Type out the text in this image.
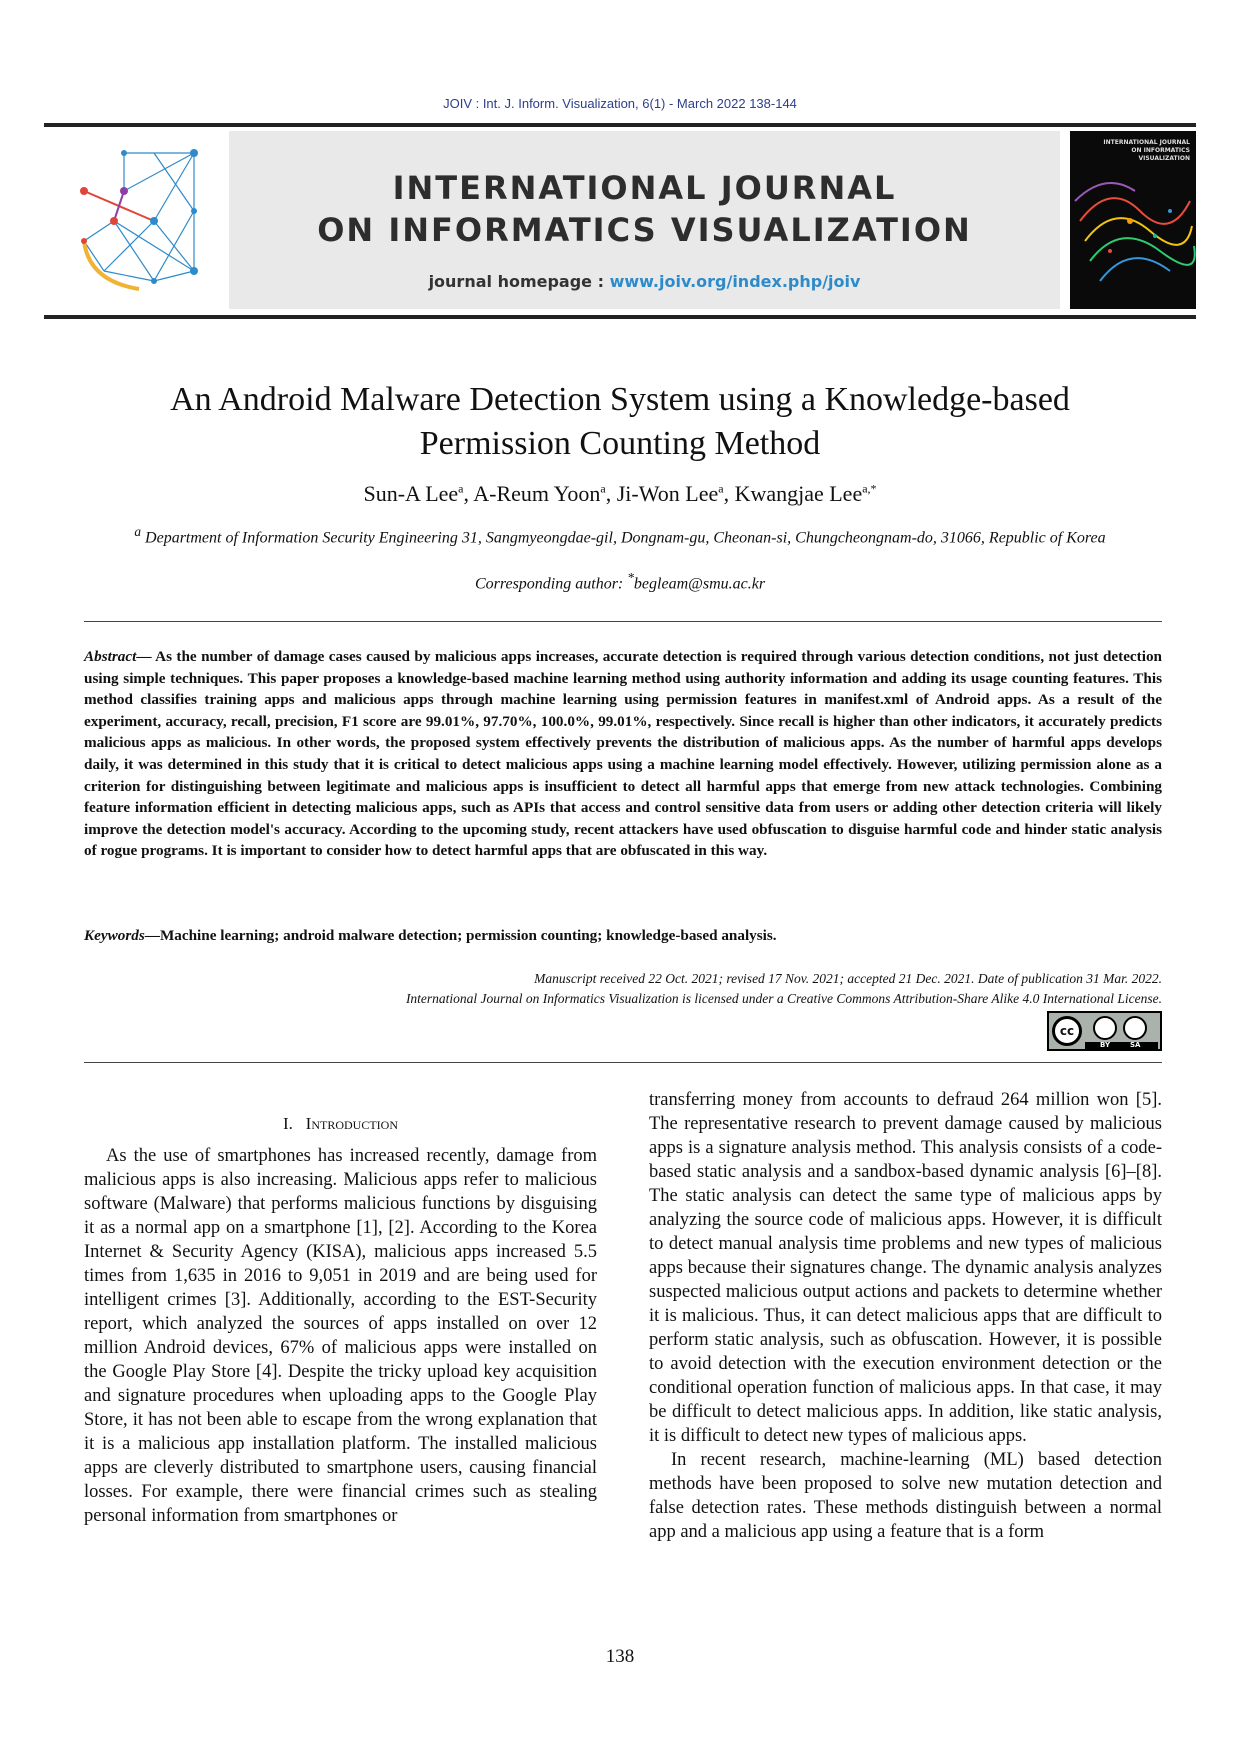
JOIV : Int. J. Inform. Visualization, 6(1) - March 2022 138-144
INTERNATIONAL JOURNAL
ON INFORMATICS VISUALIZATION
journal homepage : www.joiv.org/index.php/joiv
INTERNATIONAL JOURNAL ON INFORMATICS VISUALIZATION
An Android Malware Detection System using a Knowledge-based
Permission Counting Method
Sun-A Lee$^a$, A-Reum Yoon$^a$, Ji-Won Lee$^a$, Kwangjae Lee$^{a,*}$
$^a$ Department of Information Security Engineering 31, Sangmyeongdae-gil, Dongnam-gu, Cheonan-si, Chungcheongnam-do, 31066, Republic of Korea
Corresponding author: *begleam@smu.ac.kr
Abstract— As the number of damage cases caused by malicious apps increases, accurate detection is required through various detection conditions, not just detection using simple techniques. This paper proposes a knowledge-based machine learning method using authority information and adding its usage counting features. This method classifies training apps and malicious apps through machine learning using permission features in manifest.xml of Android apps. As a result of the experiment, accuracy, recall, precision, F1 score are 99.01%, 97.70%, 100.0%, 99.01%, respectively. Since recall is higher than other indicators, it accurately predicts malicious apps as malicious. In other words, the proposed system effectively prevents the distribution of malicious apps. As the number of harmful apps develops daily, it was determined in this study that it is critical to detect malicious apps using a machine learning model effectively. However, utilizing permission alone as a criterion for distinguishing between legitimate and malicious apps is insufficient to detect all harmful apps that emerge from new attack technologies. Combining feature information efficient in detecting malicious apps, such as APIs that access and control sensitive data from users or adding other detection criteria will likely improve the detection model's accuracy. According to the upcoming study, recent attackers have used obfuscation to disguise harmful code and hinder static analysis of rogue programs. It is important to consider how to detect harmful apps that are obfuscated in this way.
Keywords—Machine learning; android malware detection; permission counting; knowledge-based analysis.
Manuscript received 22 Oct. 2021; revised 17 Nov. 2021; accepted 21 Dec. 2021. Date of publication 31 Mar. 2022.
International Journal on Informatics Visualization is licensed under a Creative Commons Attribution-Share Alike 4.0 International License.
cc
BY	SA
I. Introduction

As the use of smartphones has increased recently, damage from malicious apps is also increasing. Malicious apps refer to malicious software (Malware) that performs malicious functions by disguising it as a normal app on a smartphone [1], [2]. According to the Korea Internet & Security Agency (KISA), malicious apps increased 5.5 times from 1,635 in 2016 to 9,051 in 2019 and are being used for intelligent crimes [3]. Additionally, according to the EST-Security report, which analyzed the sources of apps installed on over 12 million Android devices, 67% of malicious apps were installed on the Google Play Store [4]. Despite the tricky upload key acquisition and signature procedures when uploading apps to the Google Play Store, it has not been able to escape from the wrong explanation that it is a malicious app installation platform. The installed malicious apps are cleverly distributed to smartphone users, causing financial losses. For example, there were financial crimes such as stealing personal information from smartphones or

transferring money from accounts to defraud 264 million won [5]. The representative research to prevent damage caused by malicious apps is a signature analysis method. This analysis consists of a code-based static analysis and a sandbox-based dynamic analysis [6]–[8]. The static analysis can detect the same type of malicious apps by analyzing the source code of malicious apps. However, it is difficult to detect manual analysis time problems and new types of malicious apps because their signatures change. The dynamic analysis analyzes suspected malicious output actions and packets to determine whether it is malicious. Thus, it can detect malicious apps that are difficult to perform static analysis, such as obfuscation. However, it is possible to avoid detection with the execution environment detection or the conditional operation function of malicious apps. In that case, it may be difficult to detect malicious apps. In addition, like static analysis, it is difficult to detect new types of malicious apps.

In recent research, machine-learning (ML) based detection methods have been proposed to solve new mutation detection and false detection rates. These methods distinguish between a normal app and a malicious app using a feature that is a form

138
